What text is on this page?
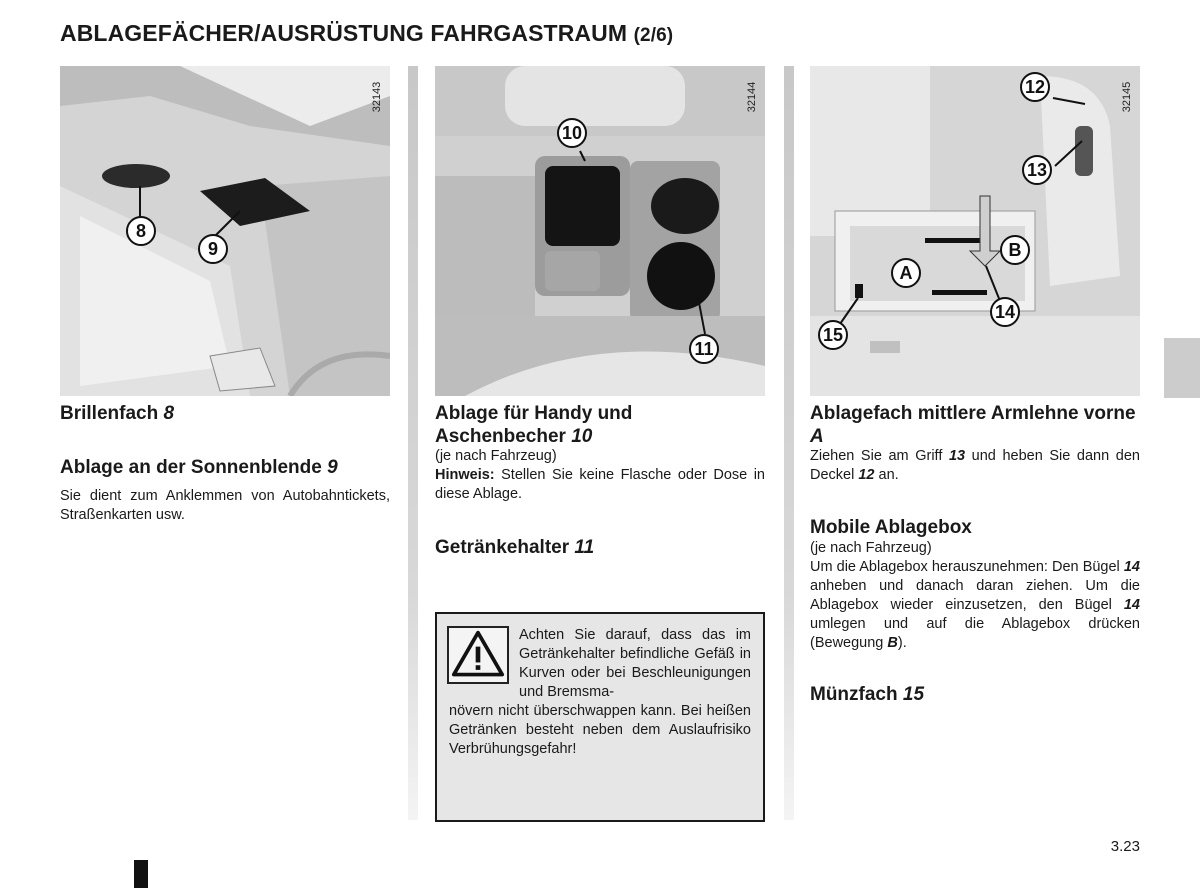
ABLAGEFÄCHER/AUSRÜSTUNG FAHRGASTRAUM (2/6)
32143
8
9
32144
10
11
32145
12
13
B
A
14
15
Brillenfach 8
Ablage an der Sonnenblende 9

Sie dient zum Anklemmen von Autobahntickets, Straßenkarten usw.

Ablage für Handy und Aschenbecher 10

(je nach Fahrzeug)

Hinweis: Stellen Sie keine Flasche oder Dose in diese Ablage.

Getränkehalter 11
Achten Sie darauf, dass das im Getränkehalter befindliche Gefäß in Kurven oder bei Beschleunigungen und Bremsma-
növern nicht überschwappen kann. Bei heißen Getränken besteht neben dem Auslaufrisiko Verbrühungsgefahr!
Ablagefach mittlere Armlehne vorne A

Ziehen Sie am Griff 13 und heben Sie dann den Deckel 12 an.

Mobile Ablagebox

(je nach Fahrzeug)

Um die Ablagebox herauszunehmen: Den Bügel 14 anheben und danach daran ziehen. Um die Ablagebox wieder einzusetzen, den Bügel 14 umlegen und auf die Ablagebox drücken (Bewegung B).

Münzfach 15
3.23
